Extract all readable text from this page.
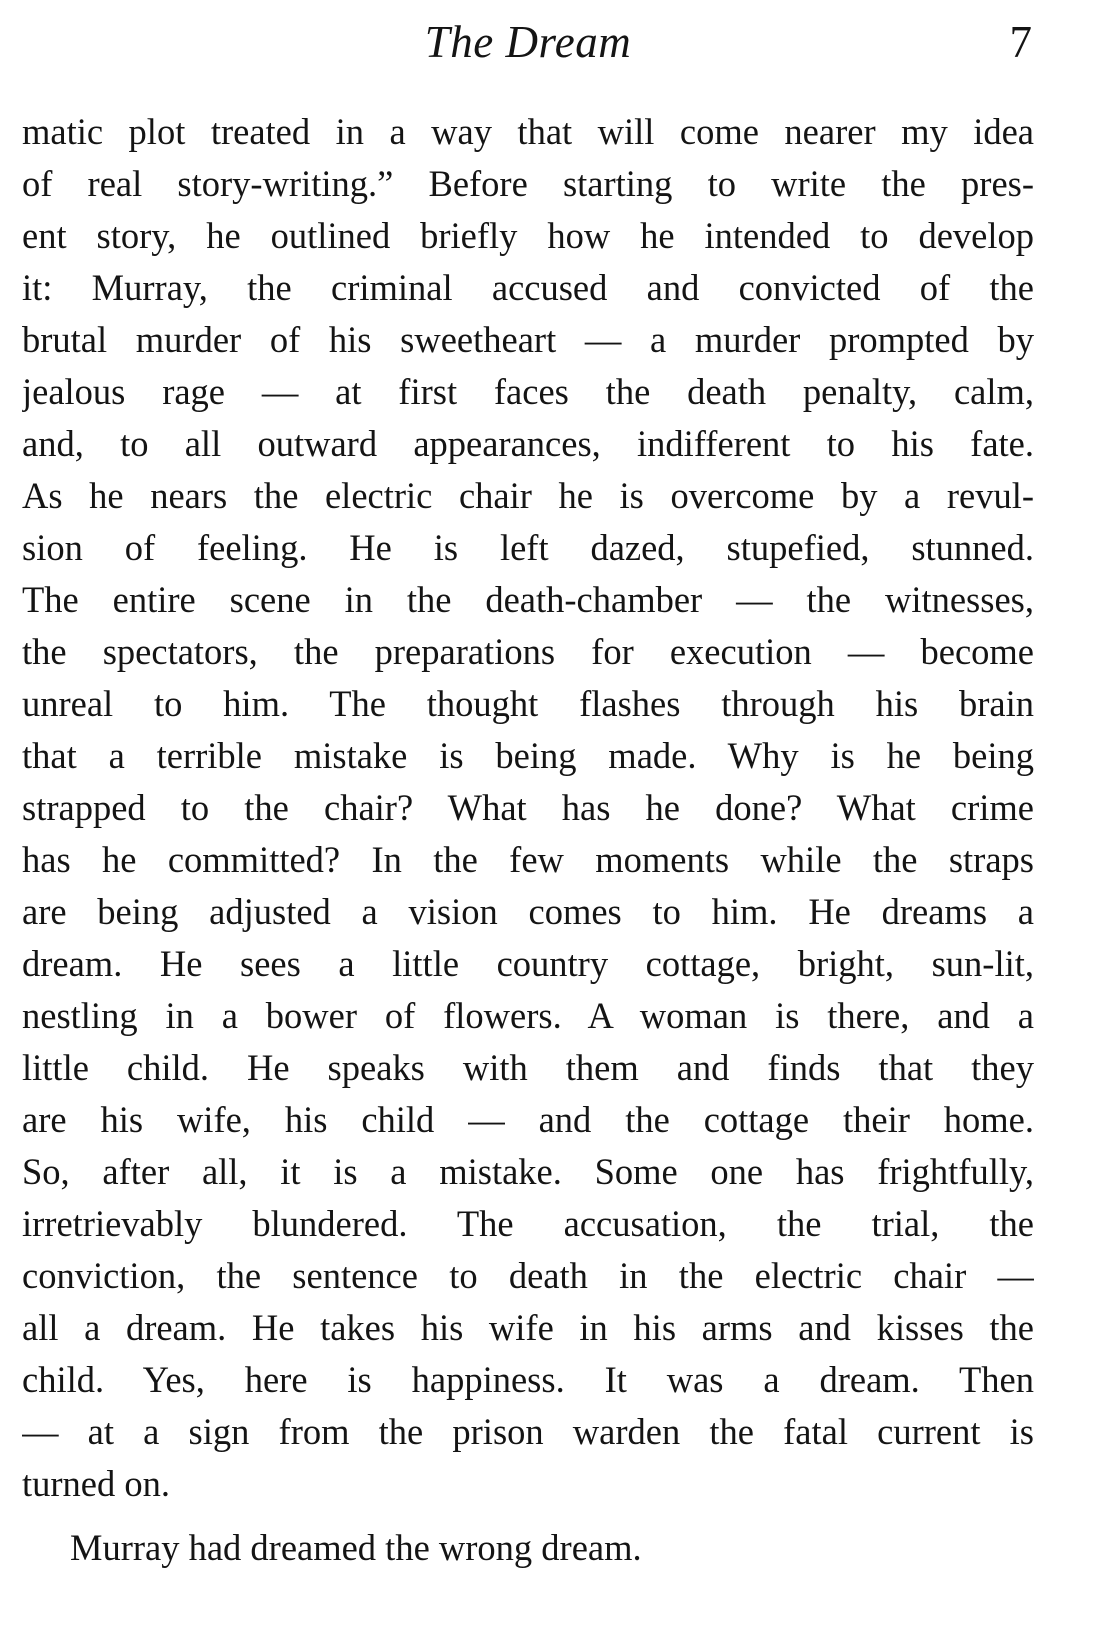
The Dream	7
matic plot treated in a way that will come nearer my idea
of real story-writing.” Before starting to write the pres-
ent story, he outlined briefly how he intended to develop
it: Murray, the criminal accused and convicted of the
brutal murder of his sweetheart — a murder prompted by
jealous rage — at first faces the death penalty, calm,
and, to all outward appearances, indifferent to his fate.
As he nears the electric chair he is overcome by a revul-
sion of feeling. He is left dazed, stupefied, stunned.
The entire scene in the death-chamber — the witnesses,
the spectators, the preparations for execution — become
unreal to him. The thought flashes through his brain
that a terrible mistake is being made. Why is he being
strapped to the chair? What has he done? What crime
has he committed? In the few moments while the straps
are being adjusted a vision comes to him. He dreams a
dream. He sees a little country cottage, bright, sun-lit,
nestling in a bower of flowers. A woman is there, and a
little child. He speaks with them and finds that they
are his wife, his child — and the cottage their home.
So, after all, it is a mistake. Some one has frightfully,
irretrievably blundered. The accusation, the trial, the
conviction, the sentence to death in the electric chair —
all a dream. He takes his wife in his arms and kisses the
child. Yes, here is happiness. It was a dream. Then
— at a sign from the prison warden the fatal current is
turned on.
Murray had dreamed the wrong dream.
